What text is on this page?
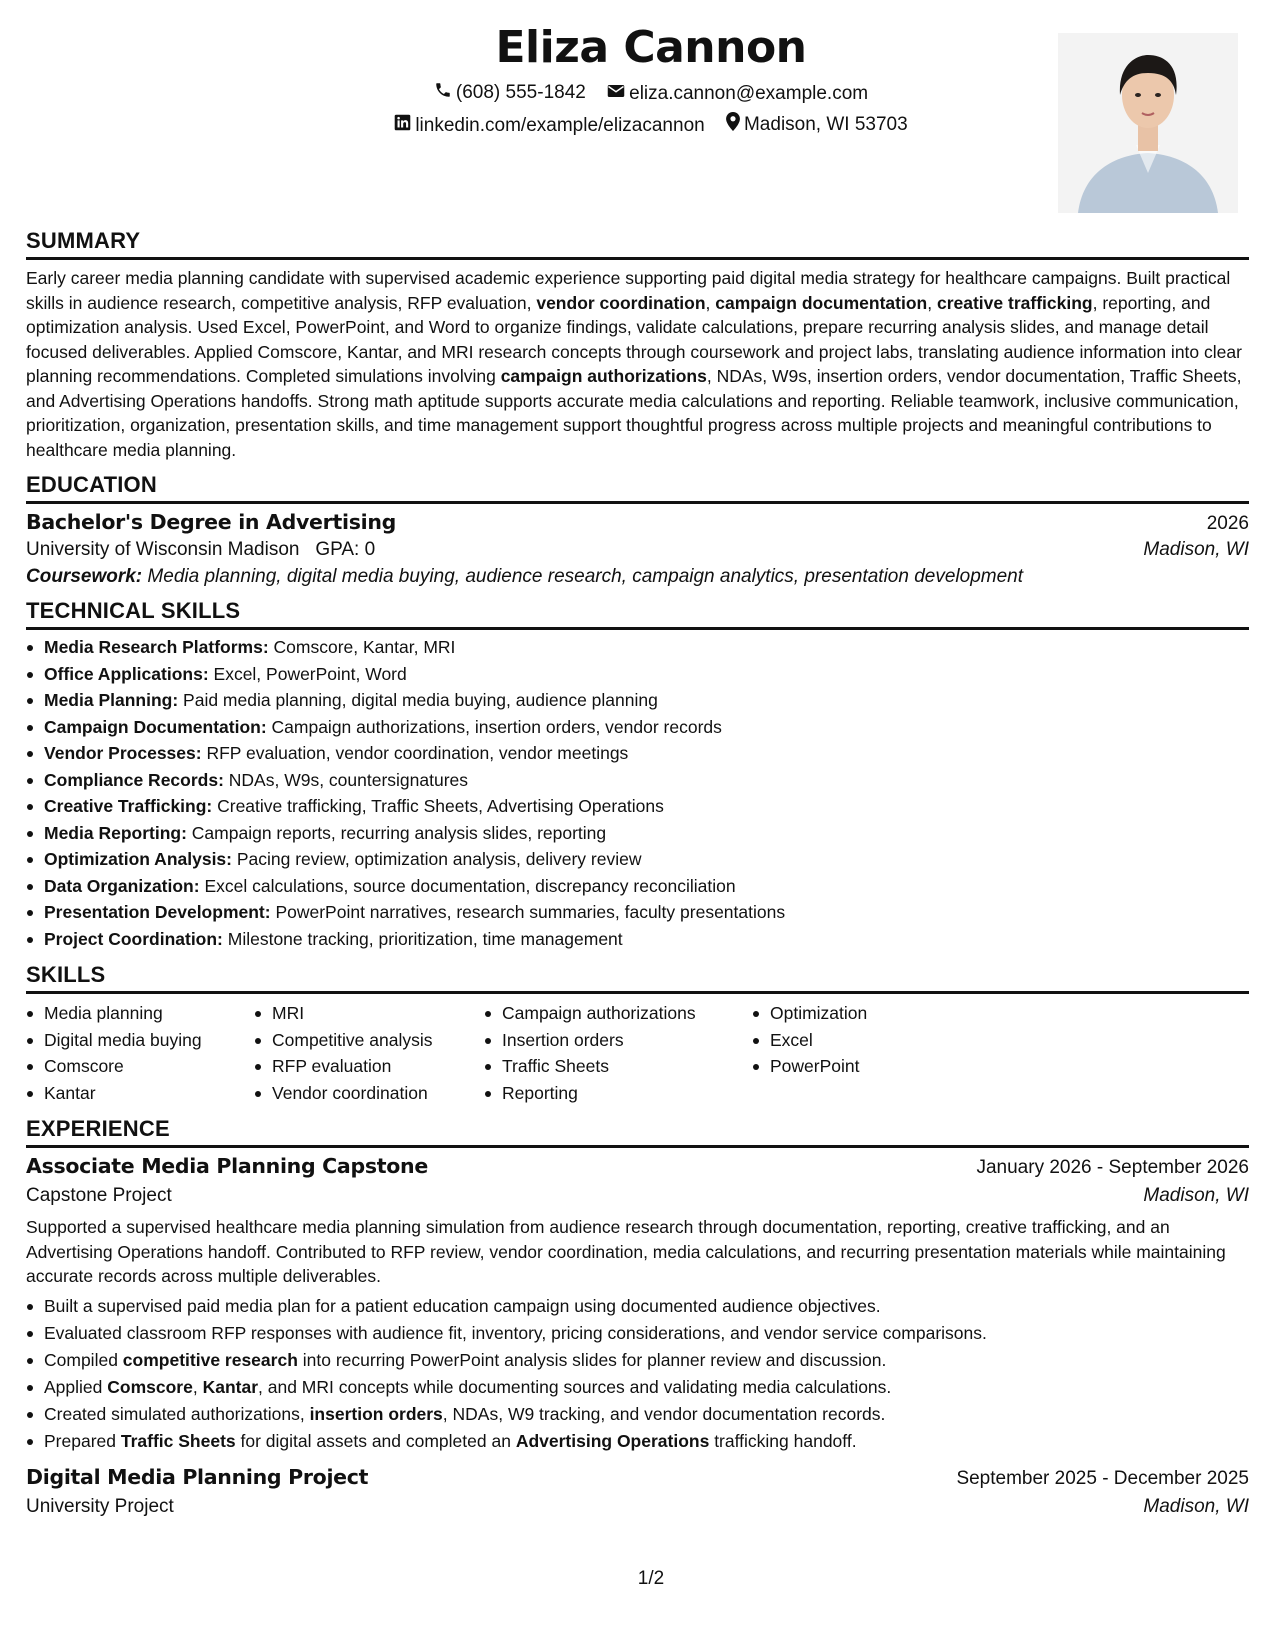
Eliza Cannon
(608) 555-1842
eliza.cannon@example.com
linkedin.com/example/elizacannon
Madison, WI 53703
SUMMARY

Early career media planning candidate with supervised academic experience supporting paid digital media strategy for healthcare campaigns. Built practical skills in audience research, competitive analysis, RFP evaluation, vendor coordination, campaign documentation, creative trafficking, reporting, and optimization analysis. Used Excel, PowerPoint, and Word to organize findings, validate calculations, prepare recurring analysis slides, and manage detail focused deliverables. Applied Comscore, Kantar, and MRI research concepts through coursework and project labs, translating audience information into clear planning recommendations. Completed simulations involving campaign authorizations, NDAs, W9s, insertion orders, vendor documentation, Traffic Sheets, and Advertising Operations handoffs. Strong math aptitude supports accurate media calculations and reporting. Reliable teamwork, inclusive communication, prioritization, organization, presentation skills, and time management support thoughtful progress across multiple projects and meaningful contributions to healthcare media planning.

EDUCATION
Bachelor's Degree in Advertising	2026
University of Wisconsin Madison GPA: 0	Madison, WI
Coursework: Media planning, digital media buying, audience research, campaign analytics, presentation development
TECHNICAL SKILLS
Media Research Platforms: Comscore, Kantar, MRI
Office Applications: Excel, PowerPoint, Word
Media Planning: Paid media planning, digital media buying, audience planning
Campaign Documentation: Campaign authorizations, insertion orders, vendor records
Vendor Processes: RFP evaluation, vendor coordination, vendor meetings
Compliance Records: NDAs, W9s, countersignatures
Creative Trafficking: Creative trafficking, Traffic Sheets, Advertising Operations
Media Reporting: Campaign reports, recurring analysis slides, reporting
Optimization Analysis: Pacing review, optimization analysis, delivery review
Data Organization: Excel calculations, source documentation, discrepancy reconciliation
Presentation Development: PowerPoint narratives, research summaries, faculty presentations
Project Coordination: Milestone tracking, prioritization, time management
SKILLS
Media planning
Digital media buying
Comscore
Kantar
MRI
Competitive analysis
RFP evaluation
Vendor coordination
Campaign authorizations
Insertion orders
Traffic Sheets
Reporting
Optimization
Excel
PowerPoint
EXPERIENCE
Associate Media Planning Capstone	January 2026 - September 2026
Capstone Project	Madison, WI

Supported a supervised healthcare media planning simulation from audience research through documentation, reporting, creative trafficking, and an Advertising Operations handoff. Contributed to RFP review, vendor coordination, media calculations, and recurring presentation materials while maintaining accurate records across multiple deliverables.

Built a supervised paid media plan for a patient education campaign using documented audience objectives.
Evaluated classroom RFP responses with audience fit, inventory, pricing considerations, and vendor service comparisons.
Compiled competitive research into recurring PowerPoint analysis slides for planner review and discussion.
Applied Comscore, Kantar, and MRI concepts while documenting sources and validating media calculations.
Created simulated authorizations, insertion orders, NDAs, W9 tracking, and vendor documentation records.
Prepared Traffic Sheets for digital assets and completed an Advertising Operations trafficking handoff.
Digital Media Planning Project	September 2025 - December 2025
University Project	Madison, WI
1/2
